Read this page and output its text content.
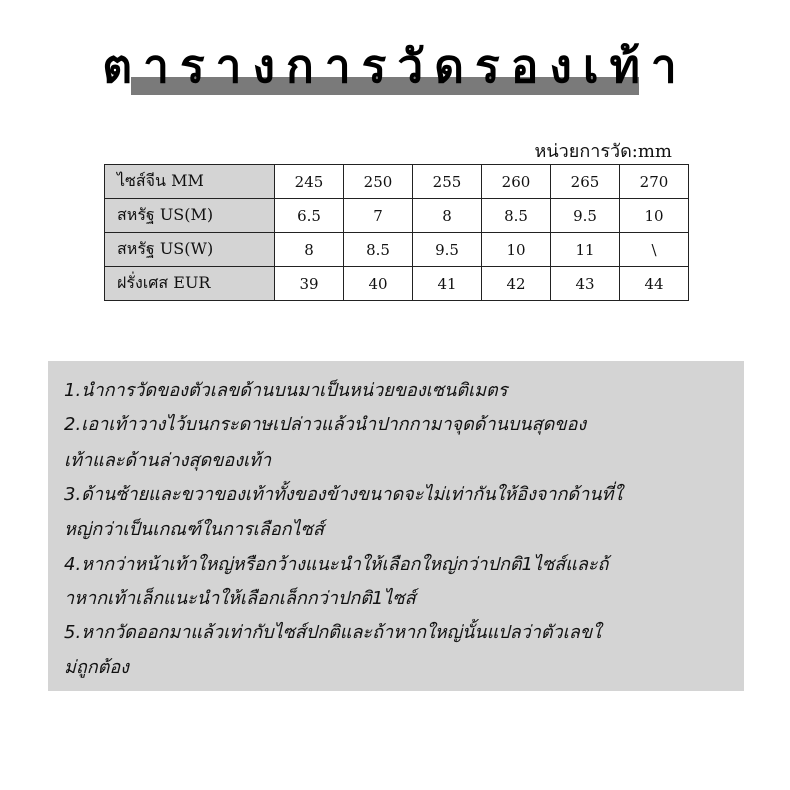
ตารางการวัดรองเท้า
หน่วยการวัด:mm
ไซส์จีน MM	245	250	255	260	265	270
สหรัฐ US(M)	6.5	7	8	8.5	9.5	10
สหรัฐ US(W)	8	8.5	9.5	10	11	\
ฝรั่งเศส EUR	39	40	41	42	43	44
1.นำการวัดของตัวเลขด้านบนมาเป็นหน่วยของเซนติเมตร
2.เอาเท้าวางไว้บนกระดาษเปล่าวแล้วนำปากกามาจุดด้านบนสุดของ
เท้าและด้านล่างสุดของเท้า
3.ด้านซ้ายและขวาของเท้าทั้งของข้างขนาดจะไม่เท่ากันให้อิงจากด้านที่ใ
หญ่กว่าเป็นเกณฑ์ในการเลือกไซส์
4.หากว่าหน้าเท้าใหญ่หรือกว้างแนะนำให้เลือกใหญ่กว่าปกติ1ไซส์และถ้
าหากเท้าเล็กแนะนำให้เลือกเล็กกว่าปกติ1ไซส์
5.หากวัดออกมาแล้วเท่ากับไซส์ปกติและถ้าหากใหญ่นั้นแปลว่าตัวเลขใ
ม่ถูกต้อง
